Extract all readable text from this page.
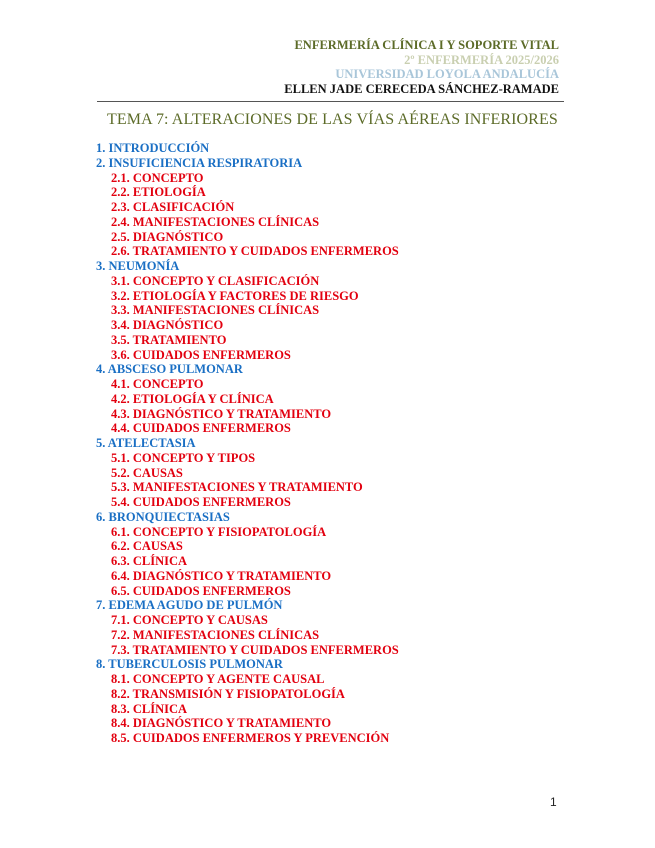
ENFERMERÍA CLÍNICA I Y SOPORTE VITAL
2º ENFERMERÍA 2025/2026
UNIVERSIDAD LOYOLA ANDALUCÍA
ELLEN JADE CERECEDA SÁNCHEZ-RAMADE
TEMA 7: ALTERACIONES DE LAS VÍAS AÉREAS INFERIORES
1. INTRODUCCIÓN
2. INSUFICIENCIA RESPIRATORIA
2.1. CONCEPTO
2.2. ETIOLOGÍA
2.3. CLASIFICACIÓN
2.4. MANIFESTACIONES CLÍNICAS
2.5. DIAGNÓSTICO
2.6. TRATAMIENTO Y CUIDADOS ENFERMEROS
3. NEUMONÍA
3.1. CONCEPTO Y CLASIFICACIÓN
3.2. ETIOLOGÍA Y FACTORES DE RIESGO
3.3. MANIFESTACIONES CLÍNICAS
3.4. DIAGNÓSTICO
3.5. TRATAMIENTO
3.6. CUIDADOS ENFERMEROS
4. ABSCESO PULMONAR
4.1. CONCEPTO
4.2. ETIOLOGÍA Y CLÍNICA
4.3. DIAGNÓSTICO Y TRATAMIENTO
4.4. CUIDADOS ENFERMEROS
5. ATELECTASIA
5.1. CONCEPTO Y TIPOS
5.2. CAUSAS
5.3. MANIFESTACIONES Y TRATAMIENTO
5.4. CUIDADOS ENFERMEROS
6. BRONQUIECTASIAS
6.1. CONCEPTO Y FISIOPATOLOGÍA
6.2. CAUSAS
6.3. CLÍNICA
6.4. DIAGNÓSTICO Y TRATAMIENTO
6.5. CUIDADOS ENFERMEROS
7. EDEMA AGUDO DE PULMÓN
7.1. CONCEPTO Y CAUSAS
7.2. MANIFESTACIONES CLÍNICAS
7.3. TRATAMIENTO Y CUIDADOS ENFERMEROS
8. TUBERCULOSIS PULMONAR
8.1. CONCEPTO Y AGENTE CAUSAL
8.2. TRANSMISIÓN Y FISIOPATOLOGÍA
8.3. CLÍNICA
8.4. DIAGNÓSTICO Y TRATAMIENTO
8.5. CUIDADOS ENFERMEROS Y PREVENCIÓN
1
